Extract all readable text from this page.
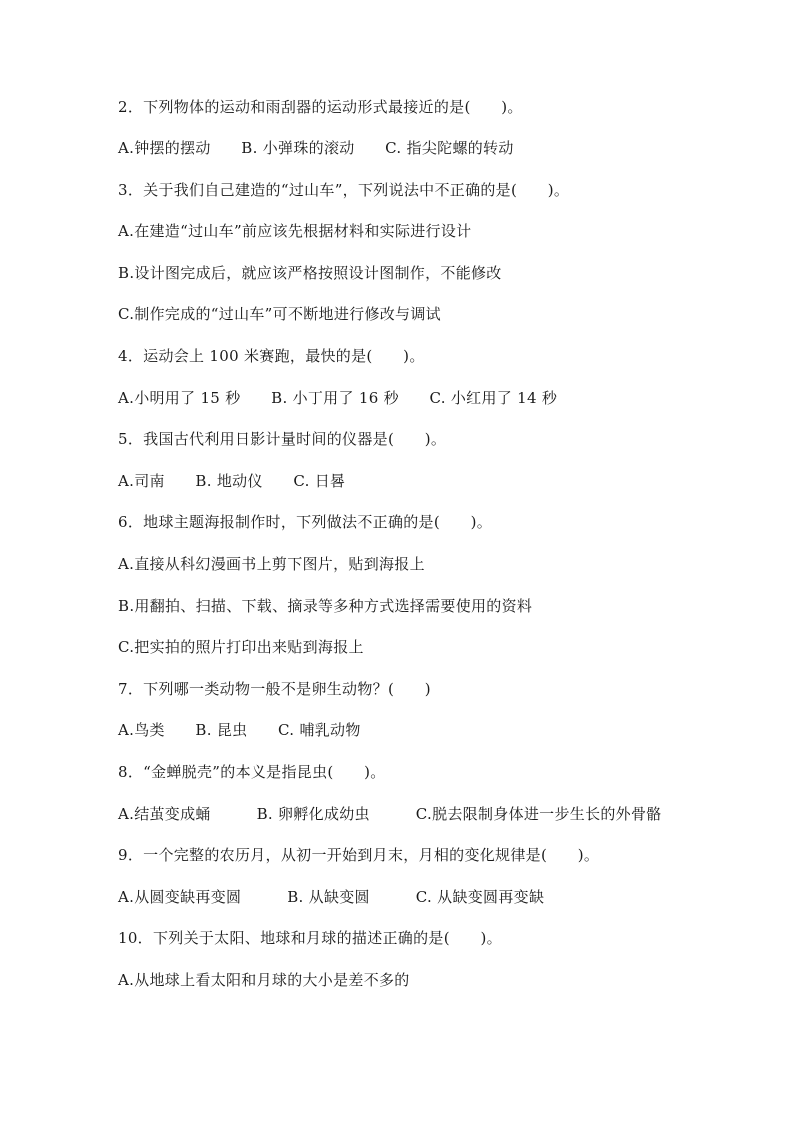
2．下列物体的运动和雨刮器的运动形式最接近的是(　　)。
A.钟摆的摆动　　B. 小弹珠的滚动　　C. 指尖陀螺的转动
3．关于我们自己建造的“过山车”，下列说法中不正确的是(　　)。
A.在建造“过山车”前应该先根据材料和实际进行设计
B.设计图完成后，就应该严格按照设计图制作，不能修改
C.制作完成的“过山车”可不断地进行修改与调试
4．运动会上 100 米赛跑，最快的是(　　)。
A.小明用了 15 秒　　B. 小丁用了 16 秒　　C. 小红用了 14 秒
5．我国古代利用日影计量时间的仪器是(　　)。
A.司南　　B. 地动仪　　C. 日晷
6．地球主题海报制作时，下列做法不正确的是(　　)。
A.直接从科幻漫画书上剪下图片，贴到海报上
B.用翻拍、扫描、下载、摘录等多种方式选择需要使用的资料
C.把实拍的照片打印出来贴到海报上
7．下列哪一类动物一般不是卵生动物？(　　)
A.鸟类　　B. 昆虫　　C. 哺乳动物
8．“金蝉脱壳”的本义是指昆虫(　　)。
A.结茧变成蛹　　　B. 卵孵化成幼虫　　　C.脱去限制身体进一步生长的外骨骼
9．一个完整的农历月，从初一开始到月末，月相的变化规律是(　　)。
A.从圆变缺再变圆　　　B. 从缺变圆　　　C. 从缺变圆再变缺
10．下列关于太阳、地球和月球的描述正确的是(　　)。
A.从地球上看太阳和月球的大小是差不多的
